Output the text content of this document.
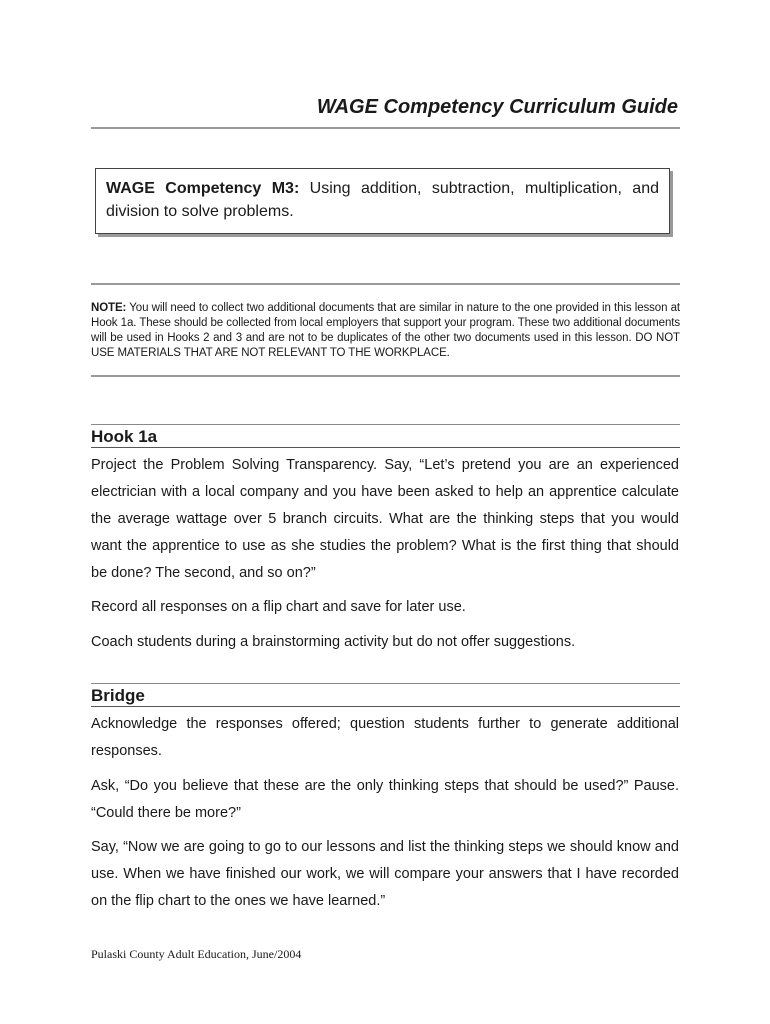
WAGE Competency Curriculum Guide
WAGE Competency M3: Using addition, subtraction, multiplication, and division to solve problems.
NOTE: You will need to collect two additional documents that are similar in nature to the one provided in this lesson at Hook 1a. These should be collected from local employers that support your program. These two additional documents will be used in Hooks 2 and 3 and are not to be duplicates of the other two documents used in this lesson. DO NOT USE MATERIALS THAT ARE NOT RELEVANT TO THE WORKPLACE.
Hook 1a
Project the Problem Solving Transparency. Say, “Let’s pretend you are an experienced electrician with a local company and you have been asked to help an apprentice calculate the average wattage over 5 branch circuits. What are the thinking steps that you would want the apprentice to use as she studies the problem? What is the first thing that should be done? The second, and so on?”
Record all responses on a flip chart and save for later use.
Coach students during a brainstorming activity but do not offer suggestions.
Bridge
Acknowledge the responses offered; question students further to generate additional responses.
Ask, “Do you believe that these are the only thinking steps that should be used?” Pause. “Could there be more?”
Say, “Now we are going to go to our lessons and list the thinking steps we should know and use. When we have finished our work, we will compare your answers that I have recorded on the flip chart to the ones we have learned.”
Pulaski County Adult Education, June/2004
